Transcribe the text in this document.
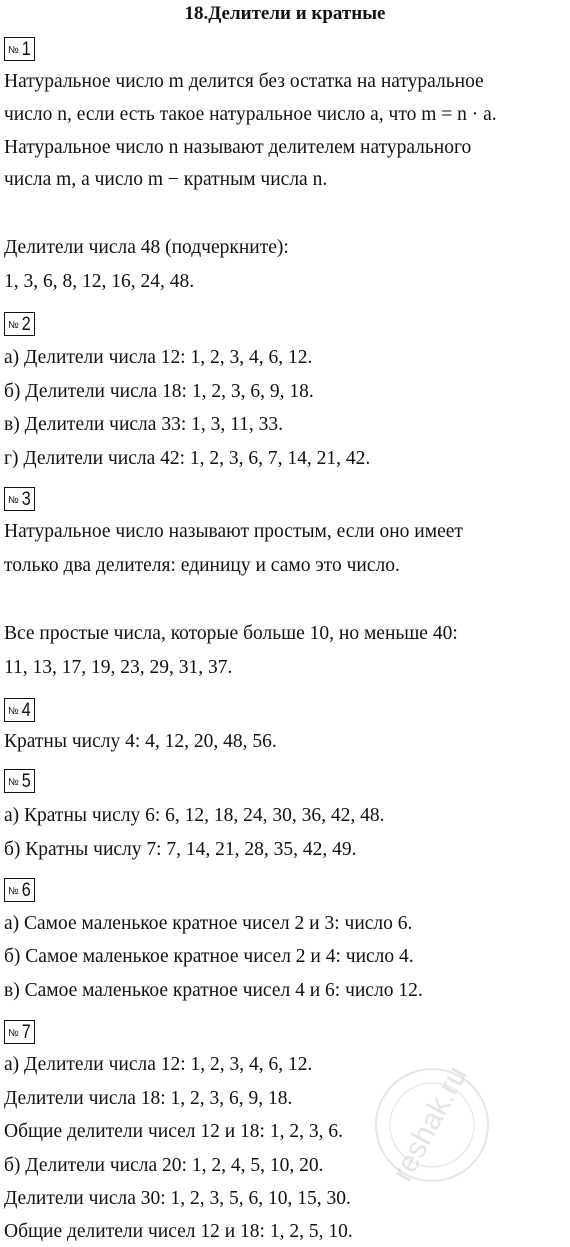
18.Делители и кратные
№ 1

Натуральное число m делится без остатка на натуральное

число n, если есть такое натуральное число a, что m = n · a.

Натуральное число n называют делителем натурального

числа m, а число m − кратным числа n.

Делители числа 48 (подчеркните):

1, 3, 6, 8, 12, 16, 24, 48.

№ 2

а) Делители числа 12: 1, 2, 3, 4, 6, 12.

б) Делители числа 18: 1, 2, 3, 6, 9, 18.

в) Делители числа 33: 1, 3, 11, 33.

г) Делители числа 42: 1, 2, 3, 6, 7, 14, 21, 42.

№ 3

Натуральное число называют простым, если оно имеет

только два делителя: единицу и само это число.

Все простые числа, которые больше 10, но меньше 40:

11, 13, 17, 19, 23, 29, 31, 37.

№ 4

Кратны числу 4: 4, 12, 20, 48, 56.

№ 5

а) Кратны числу 6: 6, 12, 18, 24, 30, 36, 42, 48.

б) Кратны числу 7: 7, 14, 21, 28, 35, 42, 49.

№ 6

а) Самое маленькое кратное чисел 2 и 3: число 6.

б) Самое маленькое кратное чисел 2 и 4: число 4.

в) Самое маленькое кратное чисел 4 и 6: число 12.

№ 7

а) Делители числа 12: 1, 2, 3, 4, 6, 12.

Делители числа 18: 1, 2, 3, 6, 9, 18.

Общие делители чисел 12 и 18: 1, 2, 3, 6.

б) Делители числа 20: 1, 2, 4, 5, 10, 20.

Делители числа 30: 1, 2, 3, 5, 6, 10, 15, 30.

Общие делители чисел 12 и 18: 1, 2, 5, 10.

reshak.ru
